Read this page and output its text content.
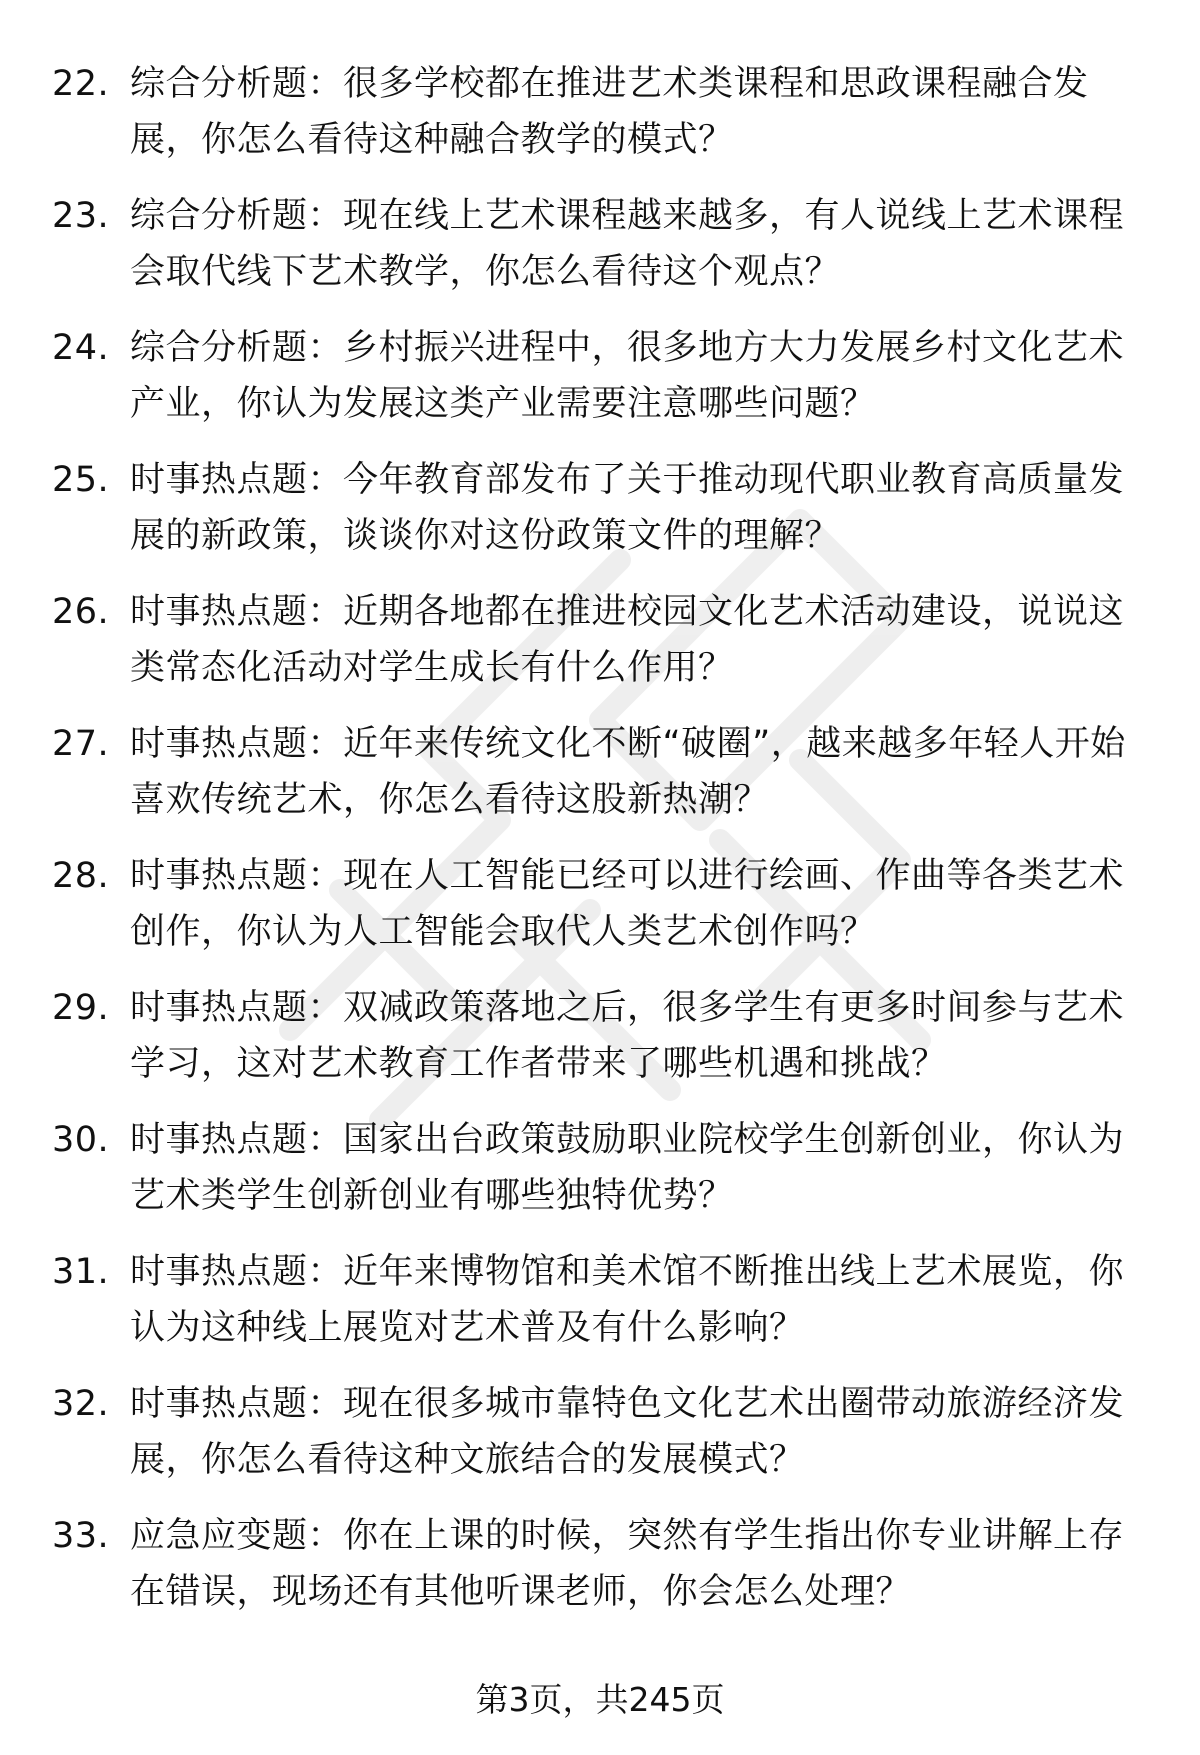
22. 综合分析题：很多学校都在推进艺术类课程和思政课程融合发展，你怎么看待这种融合教学的模式？

23. 综合分析题：现在线上艺术课程越来越多，有人说线上艺术课程会取代线下艺术教学，你怎么看待这个观点？

24. 综合分析题：乡村振兴进程中，很多地方大力发展乡村文化艺术产业，你认为发展这类产业需要注意哪些问题？

25. 时事热点题：今年教育部发布了关于推动现代职业教育高质量发展的新政策，谈谈你对这份政策文件的理解？

26. 时事热点题：近期各地都在推进校园文化艺术活动建设，说说这类常态化活动对学生成长有什么作用？

27. 时事热点题：近年来传统文化不断“破圈”，越来越多年轻人开始喜欢传统艺术，你怎么看待这股新热潮？

28. 时事热点题：现在人工智能已经可以进行绘画、作曲等各类艺术创作，你认为人工智能会取代人类艺术创作吗？

29. 时事热点题：双减政策落地之后，很多学生有更多时间参与艺术学习，这对艺术教育工作者带来了哪些机遇和挑战？

30. 时事热点题：国家出台政策鼓励职业院校学生创新创业，你认为艺术类学生创新创业有哪些独特优势？

31. 时事热点题：近年来博物馆和美术馆不断推出线上艺术展览，你认为这种线上展览对艺术普及有什么影响？

32. 时事热点题：现在很多城市靠特色文化艺术出圈带动旅游经济发展，你怎么看待这种文旅结合的发展模式？

33. 应急应变题：你在上课的时候，突然有学生指出你专业讲解上存在错误，现场还有其他听课老师，你会怎么处理？

第3页，共245页
